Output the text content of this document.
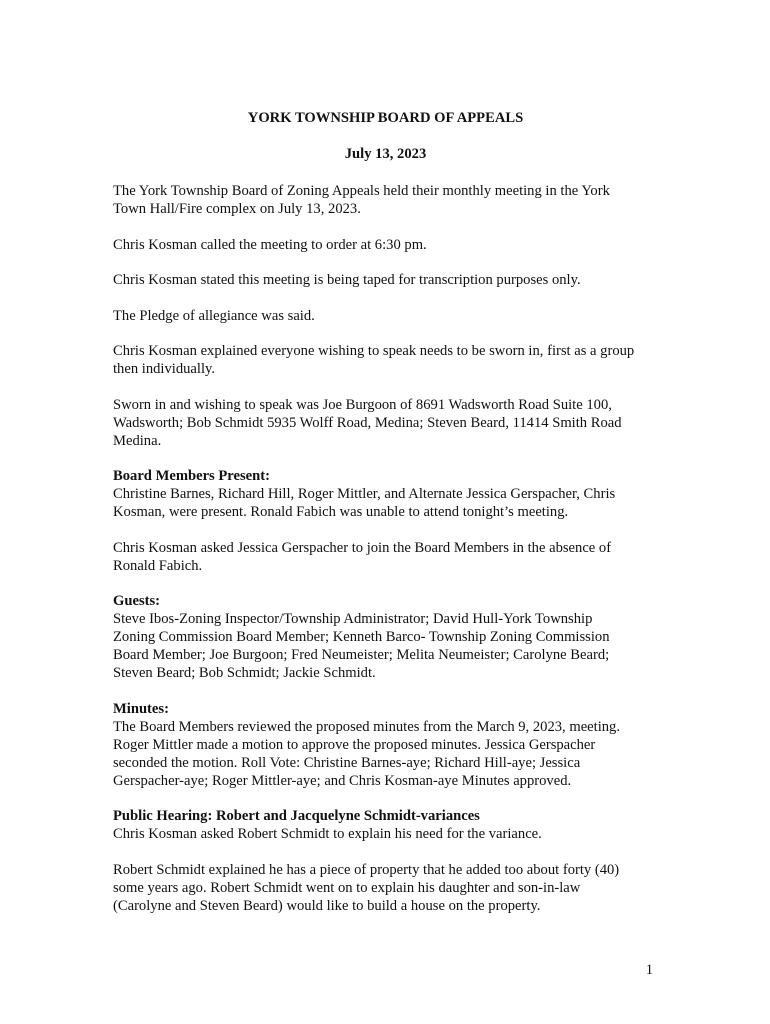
YORK TOWNSHIP BOARD OF APPEALS

July 13, 2023

The York Township Board of Zoning Appeals held their monthly meeting in the York
Town Hall/Fire complex on July 13, 2023.

Chris Kosman called the meeting to order at 6:30 pm.

Chris Kosman stated this meeting is being taped for transcription purposes only.

The Pledge of allegiance was said.

Chris Kosman explained everyone wishing to speak needs to be sworn in, first as a group
then individually.

Sworn in and wishing to speak was Joe Burgoon of 8691 Wadsworth Road Suite 100,
Wadsworth; Bob Schmidt 5935 Wolff Road, Medina; Steven Beard, 11414 Smith Road
Medina.

Board Members Present:

Christine Barnes, Richard Hill, Roger Mittler, and Alternate Jessica Gerspacher, Chris
Kosman, were present. Ronald Fabich was unable to attend tonight’s meeting.

Chris Kosman asked Jessica Gerspacher to join the Board Members in the absence of
Ronald Fabich.

Guests:

Steve Ibos-Zoning Inspector/Township Administrator; David Hull-York Township
Zoning Commission Board Member; Kenneth Barco- Township Zoning Commission
Board Member; Joe Burgoon; Fred Neumeister; Melita Neumeister; Carolyne Beard;
Steven Beard; Bob Schmidt; Jackie Schmidt.

Minutes:

The Board Members reviewed the proposed minutes from the March 9, 2023, meeting.
Roger Mittler made a motion to approve the proposed minutes. Jessica Gerspacher
seconded the motion. Roll Vote: Christine Barnes-aye; Richard Hill-aye; Jessica
Gerspacher-aye; Roger Mittler-aye; and Chris Kosman-aye Minutes approved.

Public Hearing: Robert and Jacquelyne Schmidt-variances

Chris Kosman asked Robert Schmidt to explain his need for the variance.

Robert Schmidt explained he has a piece of property that he added too about forty (40)
some years ago. Robert Schmidt went on to explain his daughter and son-in-law
(Carolyne and Steven Beard) would like to build a house on the property.

1
